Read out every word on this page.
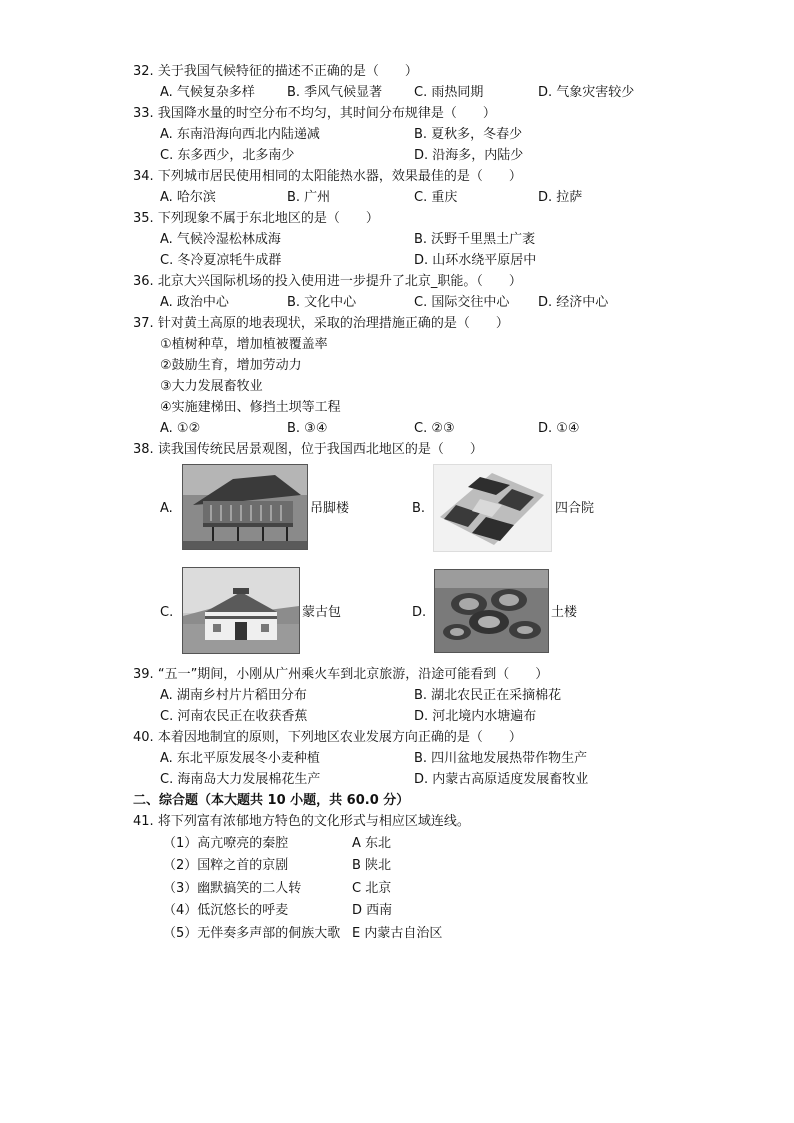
32. 关于我国气候特征的描述不正确的是（　　）
A. 气候复杂多样 B. 季风气候显著 C. 雨热同期	D. 气象灾害较少
33. 我国降水量的时空分布不均匀，其时间分布规律是（　　）
A. 东南沿海向西北内陆递减	B. 夏秋多，冬春少
C. 东多西少，北多南少	D. 沿海多，内陆少
34. 下列城市居民使用相同的太阳能热水器，效果最佳的是（　　）
A. 哈尔滨	B. 广州	C. 重庆	D. 拉萨
35. 下列现象不属于东北地区的是（　　）
A. 气候冷湿松林成海	B. 沃野千里黑土广袤
C. 冬冷夏凉牦牛成群	D. 山环水绕平原居中
36. 北京大兴国际机场的投入使用进一步提升了北京_职能。（　　）
A. 政治中心	B. 文化中心	C. 国际交往中心 D. 经济中心
37. 针对黄土高原的地表现状，采取的治理措施正确的是（　　）
①植树种草，增加植被覆盖率
②鼓励生育，增加劳动力
③大力发展畜牧业
④实施建梯田、修挡土坝等工程
A. ①②	B. ③④	C. ②③	D. ①④
38. 读我国传统民居景观图，位于我国西北地区的是（　　）
A.	吊脚楼	B.	四合院
C.	蒙古包	D.	土楼
39. “五一”期间，小刚从广州乘火车到北京旅游，沿途可能看到（　　）
A. 湖南乡村片片稻田分布	B. 湖北农民正在采摘棉花
C. 河南农民正在收获香蕉	D. 河北境内水塘遍布
40. 本着因地制宜的原则，下列地区农业发展方向正确的是（　　）
A. 东北平原发展冬小麦种植	B. 四川盆地发展热带作物生产
C. 海南岛大力发展棉花生产	D. 内蒙古高原适度发展畜牧业
二、综合题（本大题共 10 小题，共 60.0 分）
41. 将下列富有浓郁地方特色的文化形式与相应区域连线。
（1）高亢嘹亮的秦腔	A 东北
（2）国粹之首的京剧	B 陕北
（3）幽默搞笑的二人转	C 北京
（4）低沉悠长的呼麦	D 西南
（5）无伴奏多声部的侗族大歌 E 内蒙古自治区
